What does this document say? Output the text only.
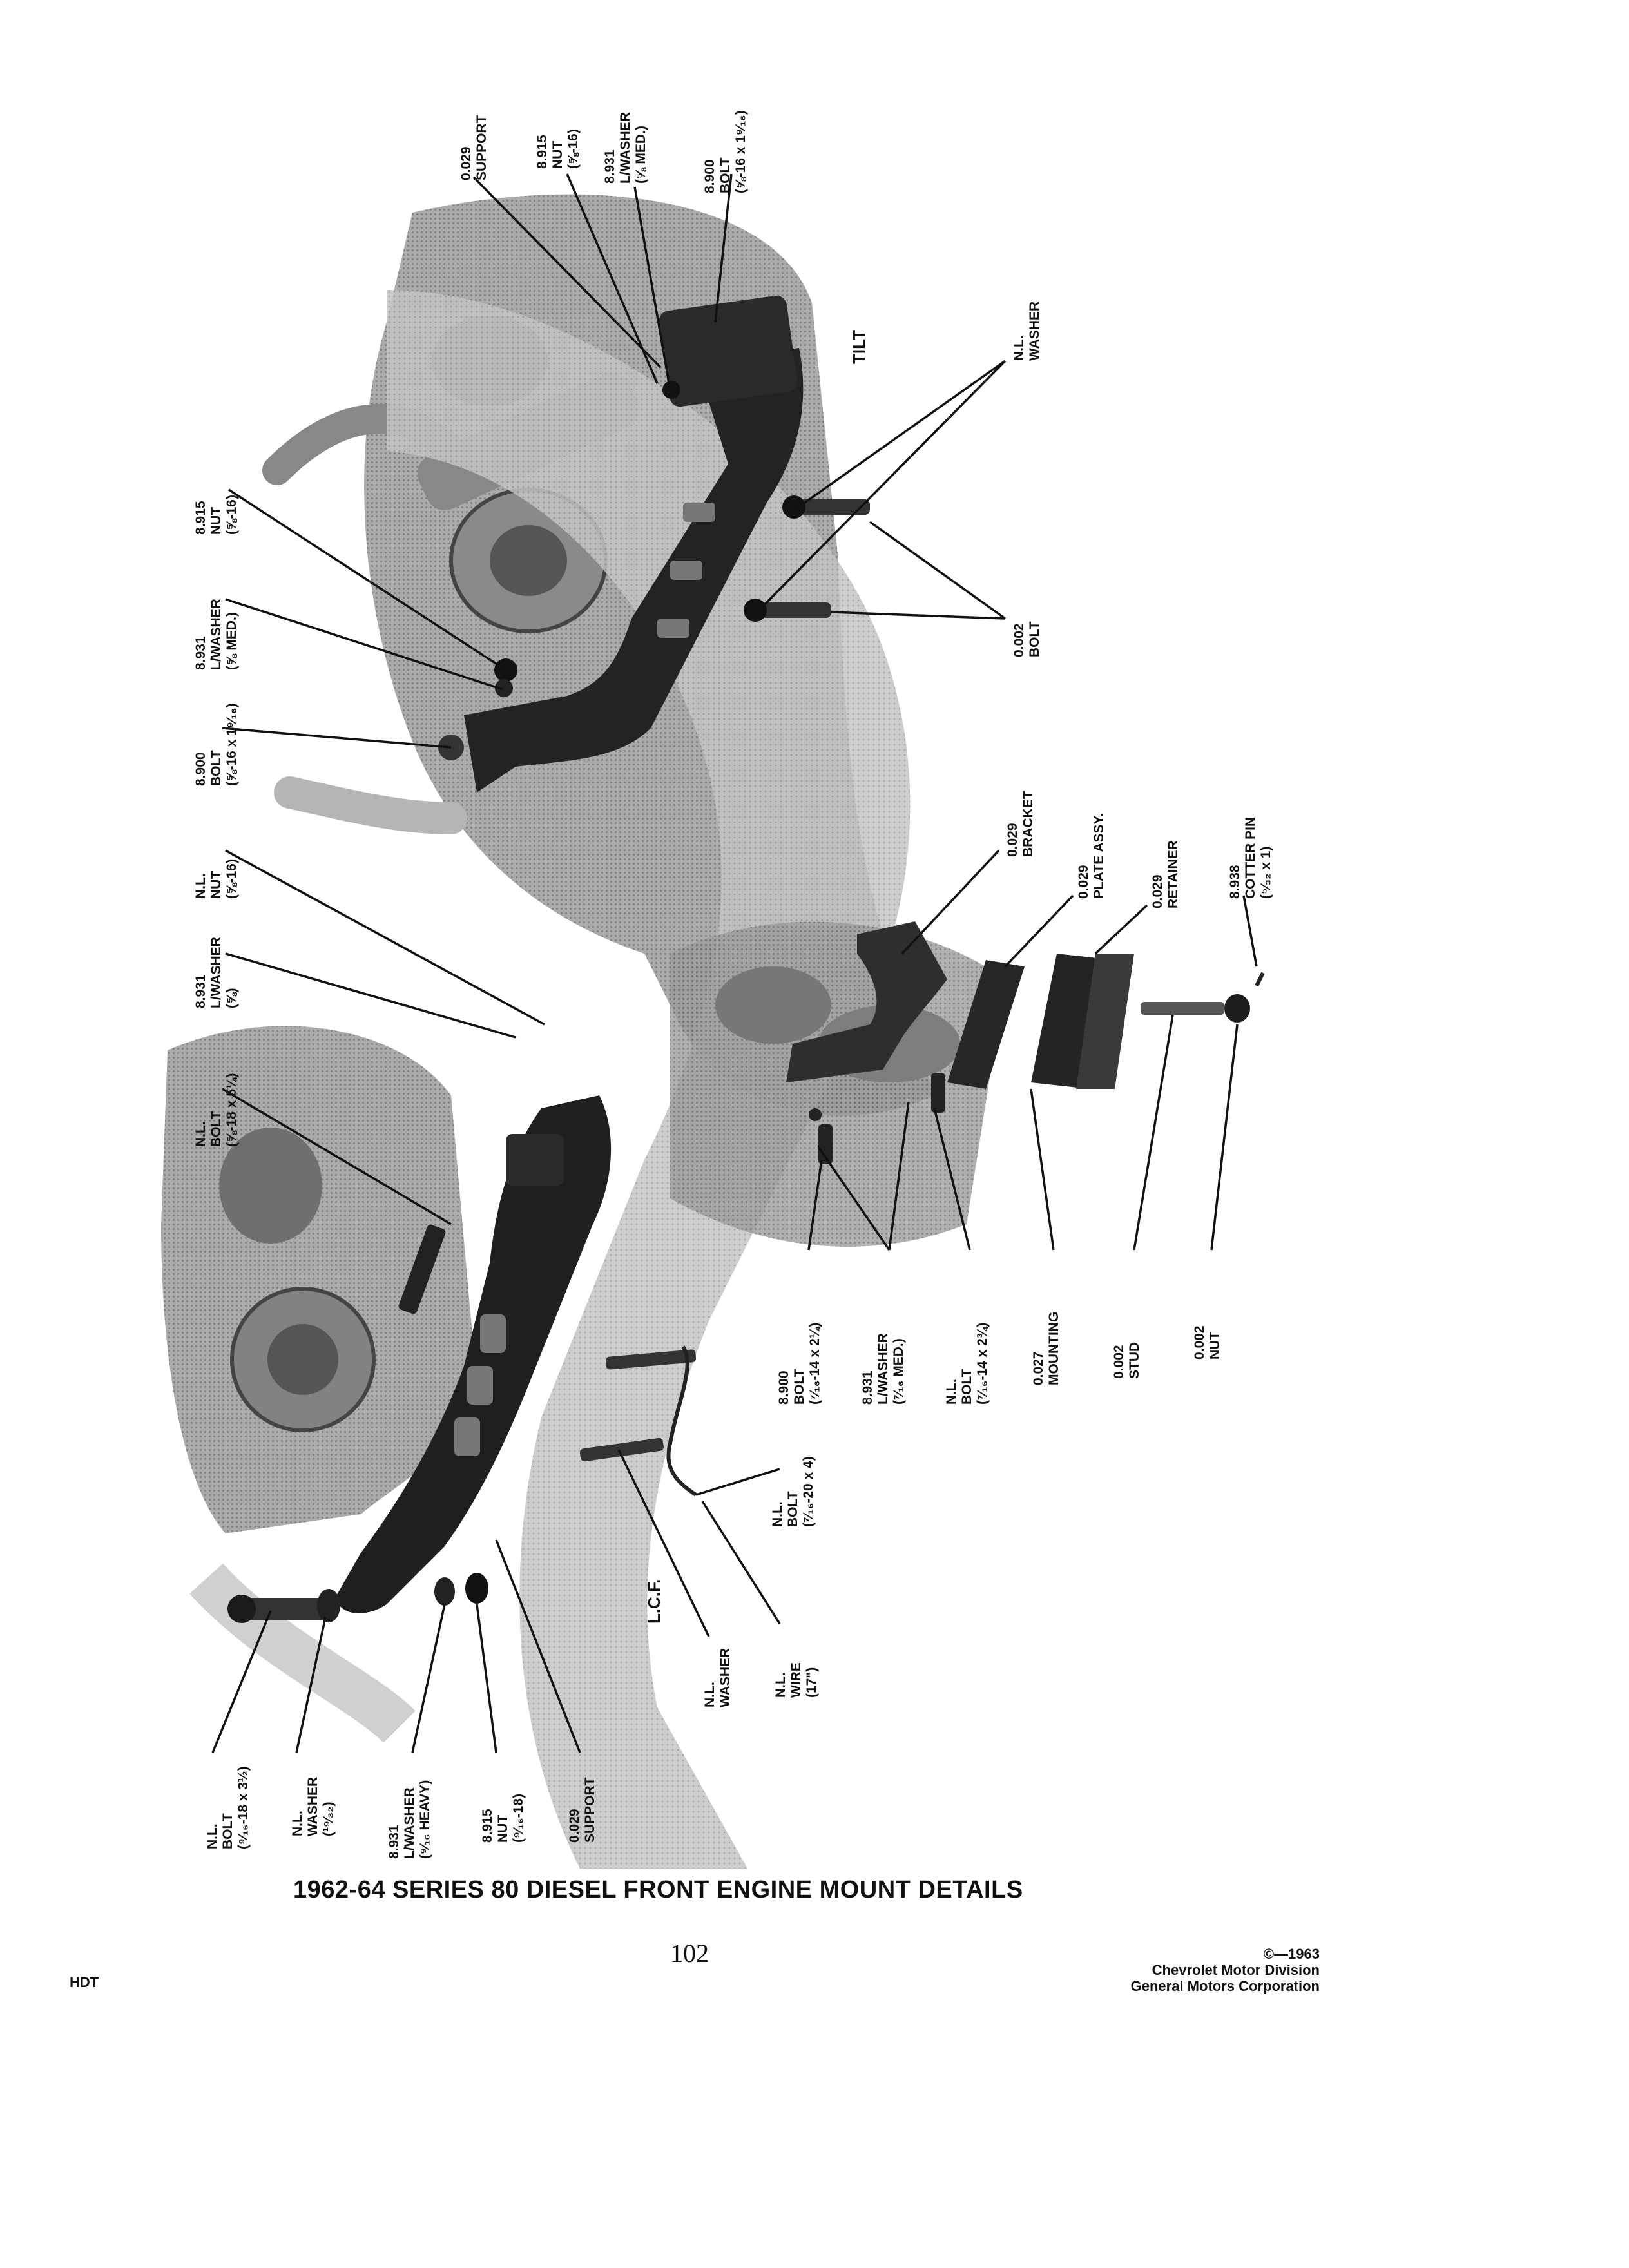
0.029 SUPPORT	8.915 NUT (⅝-16) 8.931 L/WASHER (⅝ MED.)	8.900 BOLT (⅝-16 x 1⁹⁄₁₆)
TILT	N.L. WASHER
0.002 BOLT
8.915 NUT (⅝-16)
8.931 L/WASHER (⅝ MED.)
8.900 BOLT (⅝-16 x 1⁹⁄₁₆)
N.L. NUT (⅝-16)
8.931 L/WASHER (⅝)
N.L. BOLT (⅝-18 x 5¼)
0.029 BRACKET
0.029 PLATE ASSY.	0.029 RETAINER	8.938 COTTER PIN (⁵⁄₃₂ x 1)
8.900 BOLT (⁷⁄₁₆-14 x 2¼)	8.931 L/WASHER (⁷⁄₁₆ MED.)	N.L. BOLT (⁷⁄₁₆-14 x 2¾)	0.027 MOUNTING	0.002 STUD	0.002 NUT
N.L. BOLT (⁷⁄₁₆-20 x 4)
L.C.F.
N.L. WASHER	N.L. WIRE (17")
N.L. BOLT (⁹⁄₁₆-18 x 3½)	N.L. WASHER (¹⁹⁄₃₂)
8.931 L/WASHER (⁹⁄₁₆ HEAVY)	8.915 NUT (⁹⁄₁₆-18)	0.029 SUPPORT
1962-64 SERIES 80 DIESEL FRONT ENGINE MOUNT DETAILS
102
HDT
©—1963
Chevrolet Motor Division
General Motors Corporation
